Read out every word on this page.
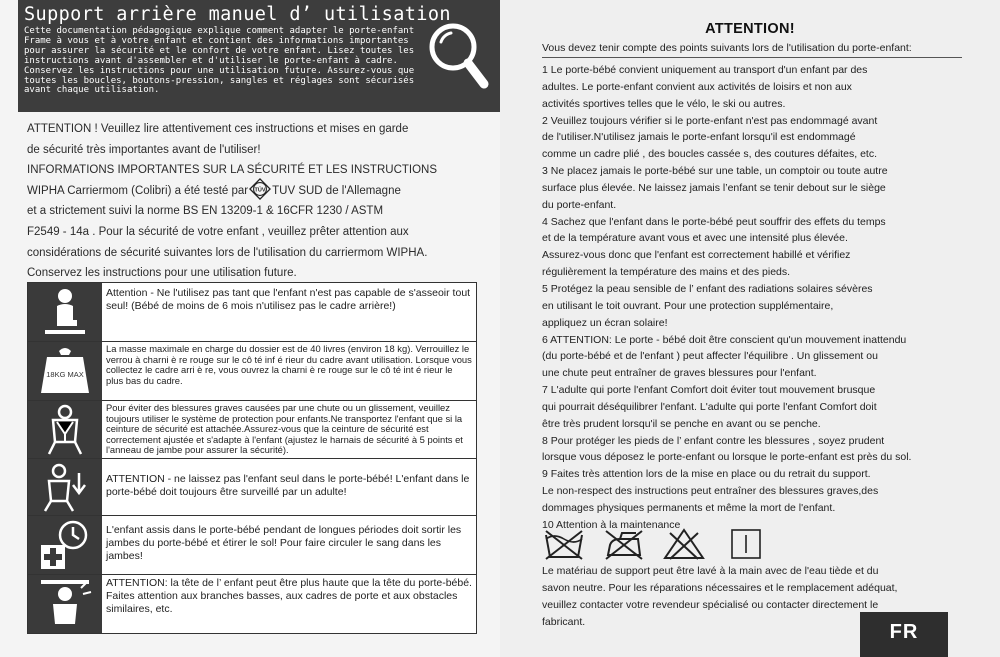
Support arrière manuel d’ utilisation
Cette documentation pédagogique explique comment adapter le porte-enfant Frame à vous et à votre enfant et contient des informations importantes pour assurer la sécurité et le confort de votre enfant. Lisez toutes les instructions avant d'assembler et d'utiliser le porte-enfant à cadre. Conservez les instructions pour une utilisation future. Assurez-vous que toutes les boucles, boutons-pression, sangles et réglages sont sécurisés avant chaque utilisation.
ATTENTION ! Veuillez lire attentivement ces instructions et mises en garde
de sécurité très importantes avant de l'utiliser!
INFORMATIONS IMPORTANTES SUR LA SÉCURITÉ ET LES INSTRUCTIONS
WIPHA Carriermom (Colibri) a été testé par TÜV TUV SUD de l'Allemagne
et a strictement suivi la norme BS EN 13209-1 & 16CFR 1230 / ASTM
F2549 - 14a . Pour la sécurité de votre enfant , veuillez prêter attention aux
considérations de sécurité suivantes lors de l'utilisation du carriermom WIPHA.
Conservez les instructions pour une utilisation future.
Attention - Ne l'utilisez pas tant que l'enfant n'est pas capable de s'asseoir tout seul! (Bébé de moins de 6 mois n'utilisez pas le cadre arrière!)
18KG MAX
La masse maximale en charge du dossier est de 40 livres (environ 18 kg). Verrouillez le verrou à charni è re rouge sur le cô té inf é rieur du cadre avant utilisation. Lorsque vous collectez le cadre arri è re, vous ouvrez la charni è re rouge sur le cô té int é rieur le plus bas du cadre.
Pour éviter des blessures graves causées par une chute ou un glissement, veuillez toujours utiliser le système de protection pour enfants.Ne transportez l'enfant que si la ceinture de sécurité est attachée.Assurez-vous que la ceinture de sécurité est correctement ajustée et s'adapte à l'enfant (ajustez le harnais de sécurité à 5 points et l'anneau de jambe pour assurer la sécurité).
ATTENTION - ne laissez pas l'enfant seul dans le porte-bébé! L'enfant dans le porte-bébé doit toujours être surveillé par un adulte!
L'enfant assis dans le porte-bébé pendant de longues périodes doit sortir les jambes du porte-bébé et étirer le sol! Pour faire circuler le sang dans les jambes!
ATTENTION: la tête de l’ enfant peut être plus haute que la tête du porte-bébé. Faites attention aux branches basses, aux cadres de porte et aux obstacles similaires, etc.
ATTENTION!
Vous devez tenir compte des points suivants lors de l'utilisation du porte-enfant:
1 Le porte-bébé convient uniquement au transport d'un enfant par des
adultes. Le porte-enfant convient aux activités de loisirs et non aux
activités sportives telles que le vélo, le ski ou autres.
2 Veuillez toujours vérifier si le porte-enfant n'est pas endommagé avant
de l'utiliser.N'utilisez jamais le porte-enfant lorsqu'il est endommagé
comme un cadre plié , des boucles cassée s, des coutures défaites, etc.
3 Ne placez jamais le porte-bébé sur une table, un comptoir ou toute autre
surface plus élevée. Ne laissez jamais l’enfant se tenir debout sur le siège
du porte-enfant.
4 Sachez que l'enfant dans le porte-bébé peut souffrir des effets du temps
et de la température avant vous et avec une intensité plus élevée.
Assurez-vous donc que l'enfant est correctement habillé et vérifiez
régulièrement la température des mains et des pieds.
5 Protégez la peau sensible de l’ enfant des radiations solaires sévères
en utilisant le toit ouvrant. Pour une protection supplémentaire,
appliquez un écran solaire!
6 ATTENTION: Le porte - bébé doit être conscient qu'un mouvement inattendu
(du porte-bébé et de l'enfant ) peut affecter l'équilibre . Un glissement ou
une chute peut entraîner de graves blessures pour l'enfant.
7 L'adulte qui porte l'enfant Comfort doit éviter tout mouvement brusque
qui pourrait déséquilibrer l'enfant. L'adulte qui porte l'enfant Comfort doit
être très prudent lorsqu'il se penche en avant ou se penche.
8 Pour protéger les pieds de l’ enfant contre les blessures , soyez prudent
lorsque vous déposez le porte-enfant ou lorsque le porte-enfant est près du sol.
9 Faites très attention lors de la mise en place ou du retrait du support.
Le non-respect des instructions peut entraîner des blessures graves,des
dommages physiques permanents et même la mort de l'enfant.
10 Attention à la maintenance
Le matériau de support peut être lavé à la main avec de l'eau tiède et du
savon neutre. Pour les réparations nécessaires et le remplacement adéquat,
veuillez contacter votre revendeur spécialisé ou contacter directement le
fabricant.	FR
